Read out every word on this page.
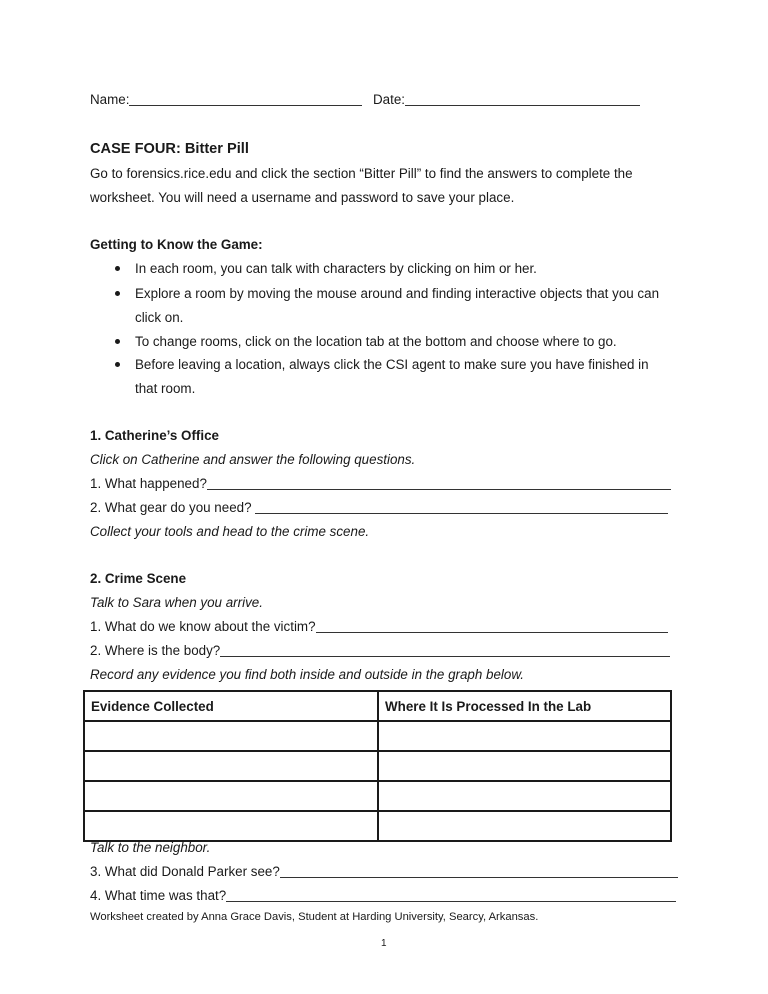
Name:	Date:
CASE FOUR: Bitter Pill
Go to forensics.rice.edu and click the section “Bitter Pill” to find the answers to complete the
worksheet. You will need a username and password to save your place.
Getting to Know the Game:
In each room, you can talk with characters by clicking on him or her.
Explore a room by moving the mouse around and finding interactive objects that you can
click on.
To change rooms, click on the location tab at the bottom and choose where to go.
Before leaving a location, always click the CSI agent to make sure you have finished in
that room.
1. Catherine’s Office
Click on Catherine and answer the following questions.
1. What happened?
2. What gear do you need?
Collect your tools and head to the crime scene.
2. Crime Scene
Talk to Sara when you arrive.
1. What do we know about the victim?
2. Where is the body?
Record any evidence you find both inside and outside in the graph below.
Evidence Collected	Where It Is Processed In the Lab

Talk to the neighbor.
3. What did Donald Parker see?
4. What time was that?
Worksheet created by Anna Grace Davis, Student at Harding University, Searcy, Arkansas.
1
